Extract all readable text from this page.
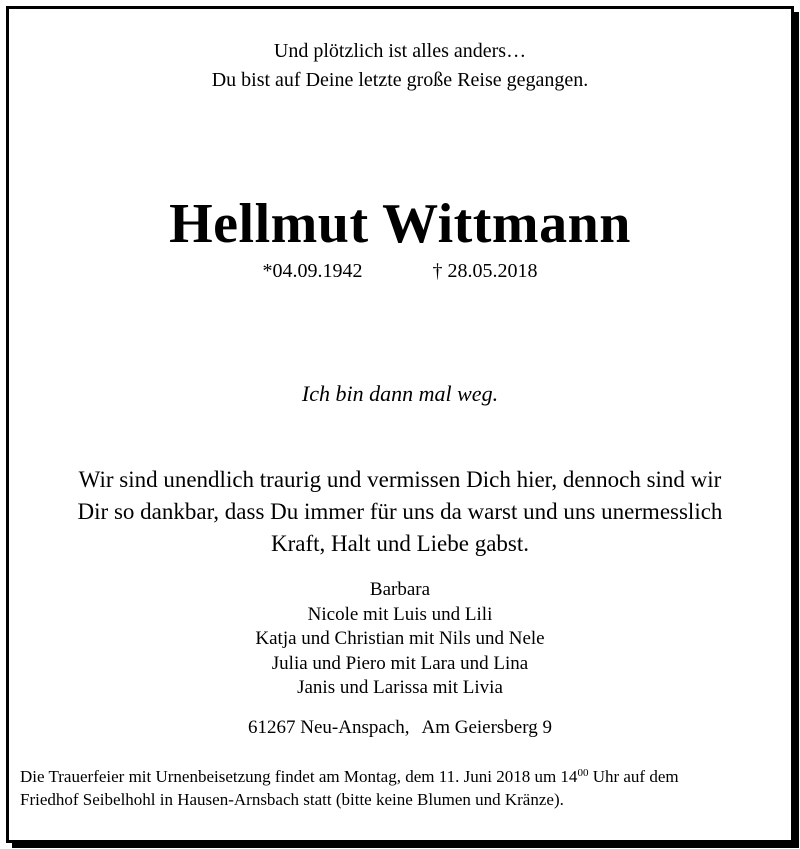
Und plötzlich ist alles anders…
Du bist auf Deine letzte große Reise gegangen.
Hellmut Wittmann
*04.09.1942	† 28.05.2018
Ich bin dann mal weg.
Wir sind unendlich traurig und vermissen Dich hier, dennoch sind wir
Dir so dankbar, dass Du immer für uns da warst und uns unermesslich
Kraft, Halt und Liebe gabst.
Barbara
Nicole mit Luis und Lili
Katja und Christian mit Nils und Nele
Julia und Piero mit Lara und Lina
Janis und Larissa mit Livia
61267 Neu-Anspach, Am Geiersberg 9
Die Trauerfeier mit Urnenbeisetzung findet am Montag, dem 11. Juni 2018 um $14^{00}$ Uhr auf dem
Friedhof Seibelhohl in Hausen-Arnsbach statt (bitte keine Blumen und Kränze).
